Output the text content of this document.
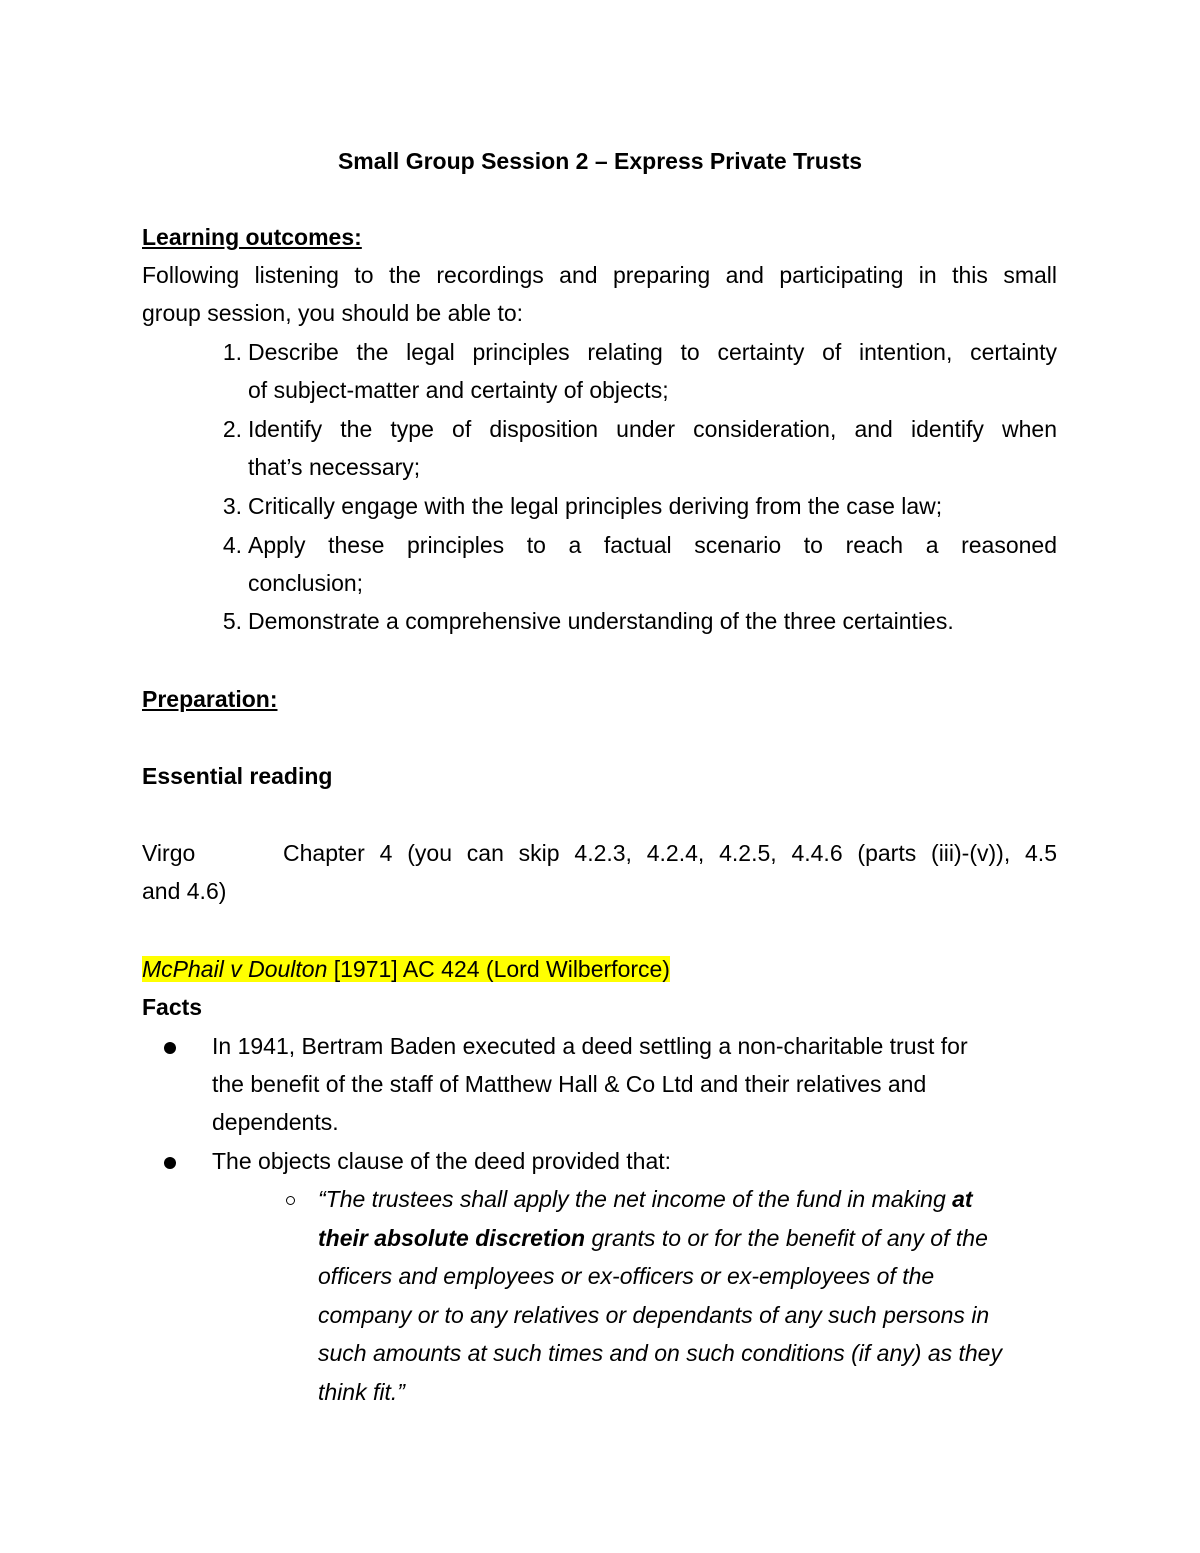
Small Group Session 2 – Express Private Trusts
Learning outcomes:
Following listening to the recordings and preparing and participating in this small
group session, you should be able to:
1. Describe the legal principles relating to certainty of intention, certainty
of subject-matter and certainty of objects;
2. Identify the type of disposition under consideration, and identify when
that’s necessary;
3. Critically engage with the legal principles deriving from the case law;
4. Apply these principles to a factual scenario to reach a reasoned
conclusion;
5. Demonstrate a comprehensive understanding of the three certainties.
Preparation:
Essential reading
Virgo	Chapter 4 (you can skip 4.2.3, 4.2.4, 4.2.5, 4.4.6 (parts (iii)-(v)), 4.5
and 4.6)
McPhail v Doulton [1971] AC 424 (Lord Wilberforce)
Facts
In 1941, Bertram Baden executed a deed settling a non-charitable trust for
the benefit of the staff of Matthew Hall & Co Ltd and their relatives and
dependents.
The objects clause of the deed provided that:
“The trustees shall apply the net income of the fund in making at
their absolute discretion grants to or for the benefit of any of the
officers and employees or ex-officers or ex-employees of the
company or to any relatives or dependants of any such persons in
such amounts at such times and on such conditions (if any) as they
think fit.”
